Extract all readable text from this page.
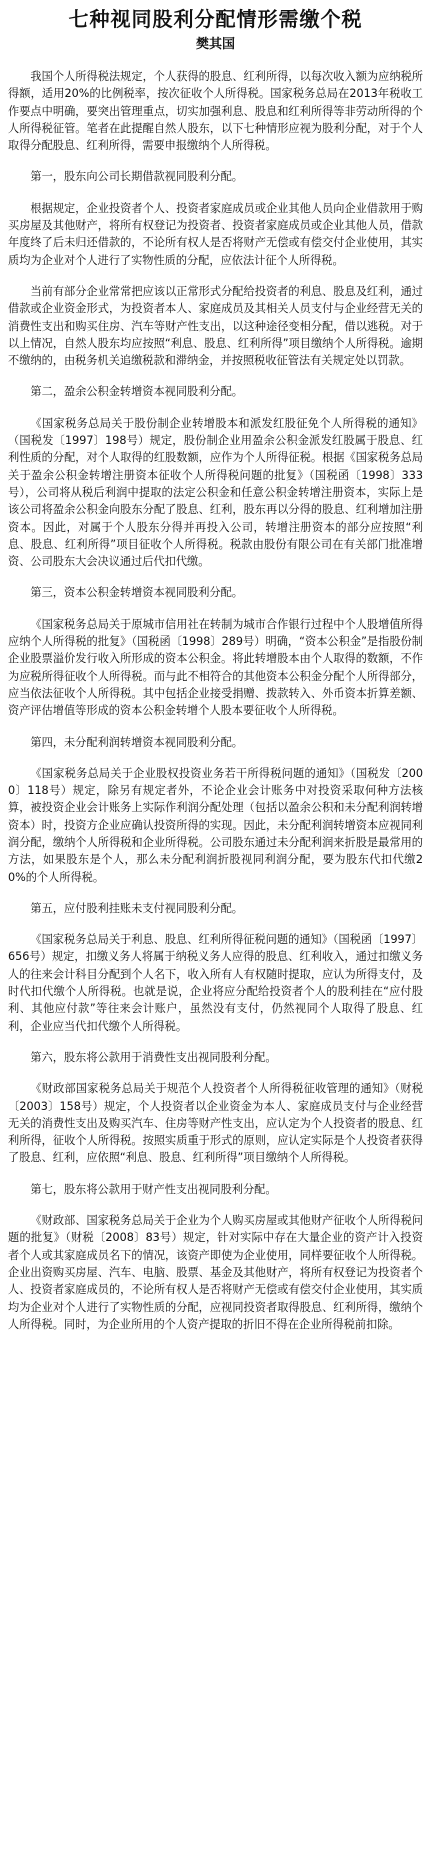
七种视同股利分配情形需缴个税
樊其国

我国个人所得税法规定，个人获得的股息、红利所得，以每次收入额为应纳税所得额，适用20%的比例税率，按次征收个人所得税。国家税务总局在2013年税收工作要点中明确，要突出管理重点，切实加强利息、股息和红利所得等非劳动所得的个人所得税征管。笔者在此提醒自然人股东，以下七种情形应视为股利分配，对于个人取得分配股息、红利所得，需要申报缴纳个人所得税。

第一，股东向公司长期借款视同股利分配。

根据规定，企业投资者个人、投资者家庭成员或企业其他人员向企业借款用于购买房屋及其他财产，将所有权登记为投资者、投资者家庭成员或企业其他人员，借款年度终了后未归还借款的，不论所有权人是否将财产无偿或有偿交付企业使用，其实质均为企业对个人进行了实物性质的分配，应依法计征个人所得税。

当前有部分企业常常把应该以正常形式分配给投资者的利息、股息及红利，通过借款或企业资金形式，为投资者本人、家庭成员及其相关人员支付与企业经营无关的消费性支出和购买住房、汽车等财产性支出，以这种途径变相分配，借以逃税。对于以上情况，自然人股东均应按照“利息、股息、红利所得”项目缴纳个人所得税。逾期不缴纳的，由税务机关追缴税款和滞纳金，并按照税收征管法有关规定处以罚款。

第二，盈余公积金转增资本视同股利分配。

《国家税务总局关于股份制企业转增股本和派发红股征免个人所得税的通知》（国税发〔1997〕198号）规定，股份制企业用盈余公积金派发红股属于股息、红利性质的分配，对个人取得的红股数额，应作为个人所得征税。根据《国家税务总局关于盈余公积金转增注册资本征收个人所得税问题的批复》（国税函〔1998〕333号），公司将从税后利润中提取的法定公积金和任意公积金转增注册资本，实际上是该公司将盈余公积金向股东分配了股息、红利，股东再以分得的股息、红利增加注册资本。因此，对属于个人股东分得并再投入公司，转增注册资本的部分应按照“利息、股息、红利所得”项目征收个人所得税。税款由股份有限公司在有关部门批准增资、公司股东大会决议通过后代扣代缴。

第三，资本公积金转增资本视同股利分配。

《国家税务总局关于原城市信用社在转制为城市合作银行过程中个人股增值所得应纳个人所得税的批复》（国税函〔1998〕289号）明确，“资本公积金”是指股份制企业股票溢价发行收入所形成的资本公积金。将此转增股本由个人取得的数额，不作为应税所得征收个人所得税。而与此不相符合的其他资本公积金分配个人所得部分，应当依法征收个人所得税。其中包括企业接受捐赠、拨款转入、外币资本折算差额、资产评估增值等形成的资本公积金转增个人股本要征收个人所得税。

第四，未分配利润转增资本视同股利分配。

《国家税务总局关于企业股权投资业务若干所得税问题的通知》（国税发〔2000〕118号）规定，除另有规定者外，不论企业会计账务中对投资采取何种方法核算，被投资企业会计账务上实际作利润分配处理（包括以盈余公积和未分配利润转增资本）时，投资方企业应确认投资所得的实现。因此，未分配利润转增资本应视同利润分配，缴纳个人所得税和企业所得税。公司股东通过未分配利润来折股是最常用的方法，如果股东是个人，那么未分配利润折股视同利润分配，要为股东代扣代缴20%的个人所得税。

第五，应付股利挂账未支付视同股利分配。

《国家税务总局关于利息、股息、红利所得征税问题的通知》（国税函〔1997〕656号）规定，扣缴义务人将属于纳税义务人应得的股息、红利收入，通过扣缴义务人的往来会计科目分配到个人名下，收入所有人有权随时提取，应认为所得支付，及时代扣代缴个人所得税。也就是说，企业将应分配给投资者个人的股利挂在“应付股利、其他应付款”等往来会计账户，虽然没有支付，仍然视同个人取得了股息、红利，企业应当代扣代缴个人所得税。

第六，股东将公款用于消费性支出视同股利分配。

《财政部国家税务总局关于规范个人投资者个人所得税征收管理的通知》（财税〔2003〕158号）规定，个人投资者以企业资金为本人、家庭成员支付与企业经营无关的消费性支出及购买汽车、住房等财产性支出，应认定为个人投资者的股息、红利所得，征收个人所得税。按照实质重于形式的原则，应认定实际是个人投资者获得了股息、红利，应依照“利息、股息、红利所得”项目缴纳个人所得税。

第七，股东将公款用于财产性支出视同股利分配。

《财政部、国家税务总局关于企业为个人购买房屋或其他财产征收个人所得税问题的批复》（财税〔2008〕83号）规定，针对实际中存在大量企业的资产计入投资者个人或其家庭成员名下的情况，该资产即使为企业使用，同样要征收个人所得税。企业出资购买房屋、汽车、电脑、股票、基金及其他财产，将所有权登记为投资者个人、投资者家庭成员的，不论所有权人是否将财产无偿或有偿交付企业使用，其实质均为企业对个人进行了实物性质的分配，应视同投资者取得股息、红利所得，缴纳个人所得税。同时，为企业所用的个人资产提取的折旧不得在企业所得税前扣除。
